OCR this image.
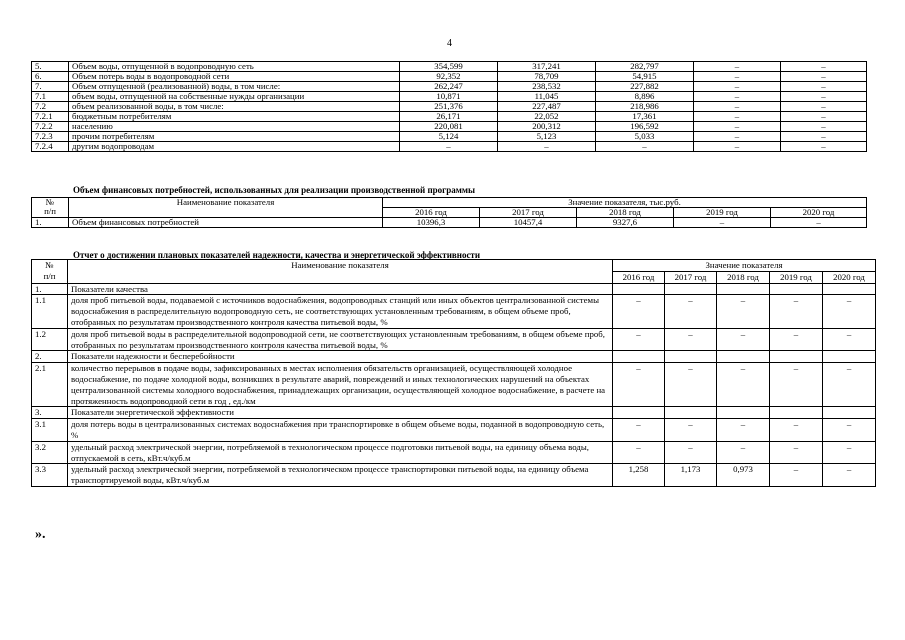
4
5.	Объем воды, отпущенной в водопроводную сеть	354,599	317,241	282,797	–	–
6.	Объем потерь воды в водопроводной сети	92,352	78,709	54,915	–	–
7.	Объем отпущенной (реализованной) воды, в том числе:	262,247	238,532	227,882	–	–
7.1	объем воды, отпущенной на собственные нужды организации	10,871	11,045	8,896	–	–
7.2	объем реализованной воды, в том числе:	251,376	227,487	218,986	–	–
7.2.1	бюджетным потребителям	26,171	22,052	17,361	–	–
7.2.2	населению	220,081	200,312	196,592	–	–
7.2.3	прочим потребителям	5,124	5,123	5,033	–	–
7.2.4	другим водопроводам	–	–	–	–	–
Объем финансовых потребностей, использованных для реализации производственной программы
№
п/п	Наименование показателя	Значение показателя, тыс.руб.				
		2016 год	2017 год	2018 год	2019 год	2020 год
1.	Объем финансовых потребностей	10396,3	10457,4	9327,6	–	–
Отчет о достижении плановых показателей надежности, качества и энергетической эффективности
№
п/п	Наименование показателя	Значение показателя				
		2016 год	2017 год	2018 год	2019 год	2020 год
1.	Показатели качества					
1.1	доля проб питьевой воды, подаваемой с источников водоснабжения, водопроводных станций или иных объектов централизованной системы водоснабжения в распределительную водопроводную сеть, не соответствующих установленным требованиям, в общем объеме проб, отобранных по результатам производственного контроля качества питьевой воды, %	–	–	–	–	–
1.2	доля проб питьевой воды в распределительной водопроводной сети, не соответствующих установленным требованиям, в общем объеме проб, отобранных по результатам производственного контроля качества питьевой воды, %	–	–	–	–	–
2.	Показатели надежности и бесперебойности					
2.1	количество перерывов в подаче воды, зафиксированных в местах исполнения обязательств организацией, осуществляющей холодное водоснабжение, по подаче холодной воды, возникших в результате аварий, повреждений и иных технологических нарушений на объектах централизованной системы холодного водоснабжения, принадлежащих организации, осуществляющей холодное водоснабжение, в расчете на протяженность водопроводной сети в год , ед./км	–	–	–	–	–
3.	Показатели энергетической эффективности					
3.1	доля потерь воды в централизованных системах водоснабжения при транспортировке в общем объеме воды, поданной в водопроводную сеть, %	–	–	–	–	–
3.2	удельный расход электрической энергии, потребляемой в технологическом процессе подготовки питьевой воды, на единицу объема воды, отпускаемой в сеть, кВт.ч/куб.м	–	–	–	–	–
3.3	удельный расход электрической энергии, потребляемой в технологическом процессе транспортировки питьевой воды, на единицу объема транспортируемой воды, кВт.ч/куб.м	1,258	1,173	0,973	–	–
».
